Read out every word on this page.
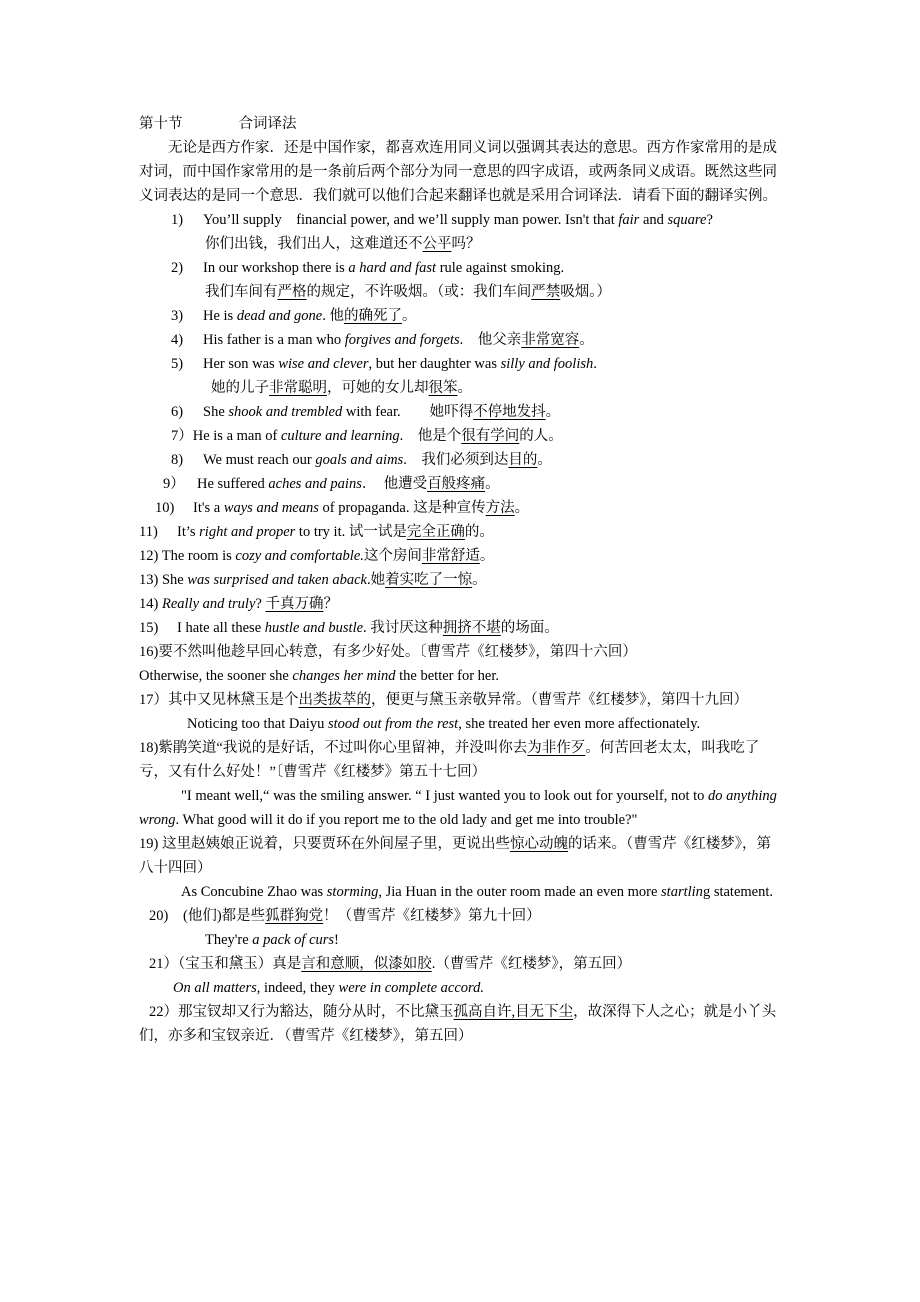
第十节	合词译法
无论是西方作家．还是中国作家，都喜欢连用同义词以强调其表达的意思。西方作家常用的是成对词，而中国作家常用的是一条前后两个部分为同一意思的四字成语，或两条同义成语。既然这些同义词表达的是同一个意思．我们就可以他们合起来翻译也就是采用合词译法．请看下面的翻译实例。
1) You’ll supply　financial power, and we’ll supply man power. Isn't that fair and square?
你们出钱，我们出人，这难道还不公平吗？
2) In our workshop there is a hard and fast rule against smoking.
我们车间有严格的规定，不许吸烟。（或：我们车间严禁吸烟。）
3) He is dead and gone. 他的确死了。
4) His father is a man who forgives and forgets.　他父亲非常宽容。
5) Her son was wise and clever, but her daughter was silly and foolish.
她的儿子非常聪明，可她的女儿却很笨。
6) She shook and trembled with fear.　　她吓得不停地发抖。
7）He is a man of culture and learning.　他是个很有学问的人。
8) We must reach our goals and aims.　我们必须到达目的。
9） He suffered aches and pains．　他遭受百般疼痛。
10) It's a ways and means of propaganda. 这是种宣传方法。
11) It’s right and proper to try it. 试一试是完全正确的。
12) The room is cozy and comfortable.这个房间非常舒适。
13) She was surprised and taken aback.她着实吃了一惊。
14) Really and truly? 千真万确？
15) I hate all these hustle and bustle. 我讨厌这种拥挤不堪的场面。
16)要不然叫他趁早回心转意，有多少好处。〔曹雪芹《红楼梦》，第四十六回）
Otherwise, the sooner she changes her mind the better for her.
17）其中又见林黛玉是个出类拔萃的，便更与黛玉亲敬异常。（曹雪芹《红楼梦》，第四十九回）
Noticing too that Daiyu stood out from the rest, she treated her even more affectionately.
18)紫鹃笑道“我说的是好话，不过叫你心里留神，并没叫你去为非作歹。何苦回老太太，叫我吃了亏，又有什么好处！”〔曹雪芹《红楼梦》第五十七回）
"I meant well,“ was the smiling answer. “ I just wanted you to look out for yourself, not to do anything wrong. What good will it do if you report me to the old lady and get me into trouble?"
19) 这里赵姨娘正说着，只要贾环在外间屋子里，更说出些惊心动魄的话来。（曹雪芹《红楼梦》，第八十四回）
As Concubine Zhao was storming, Jia Huan in the outer room made an even more startling statement.
20) (他们)都是些狐群狗党！（曹雪芹《红楼梦》第九十回）
They're a pack of curs!
21）（宝玉和黛玉）真是言和意顺，似漆如胶.（曹雪芹《红楼梦》，第五回）
On all matters, indeed, they were in complete accord.
22）那宝钗却又行为豁达，随分从时，不比黛玉孤高自许,目无下尘，故深得下人之心；就是小丫头们，亦多和宝钗亲近．（曹雪芹《红楼梦》，第五回）
